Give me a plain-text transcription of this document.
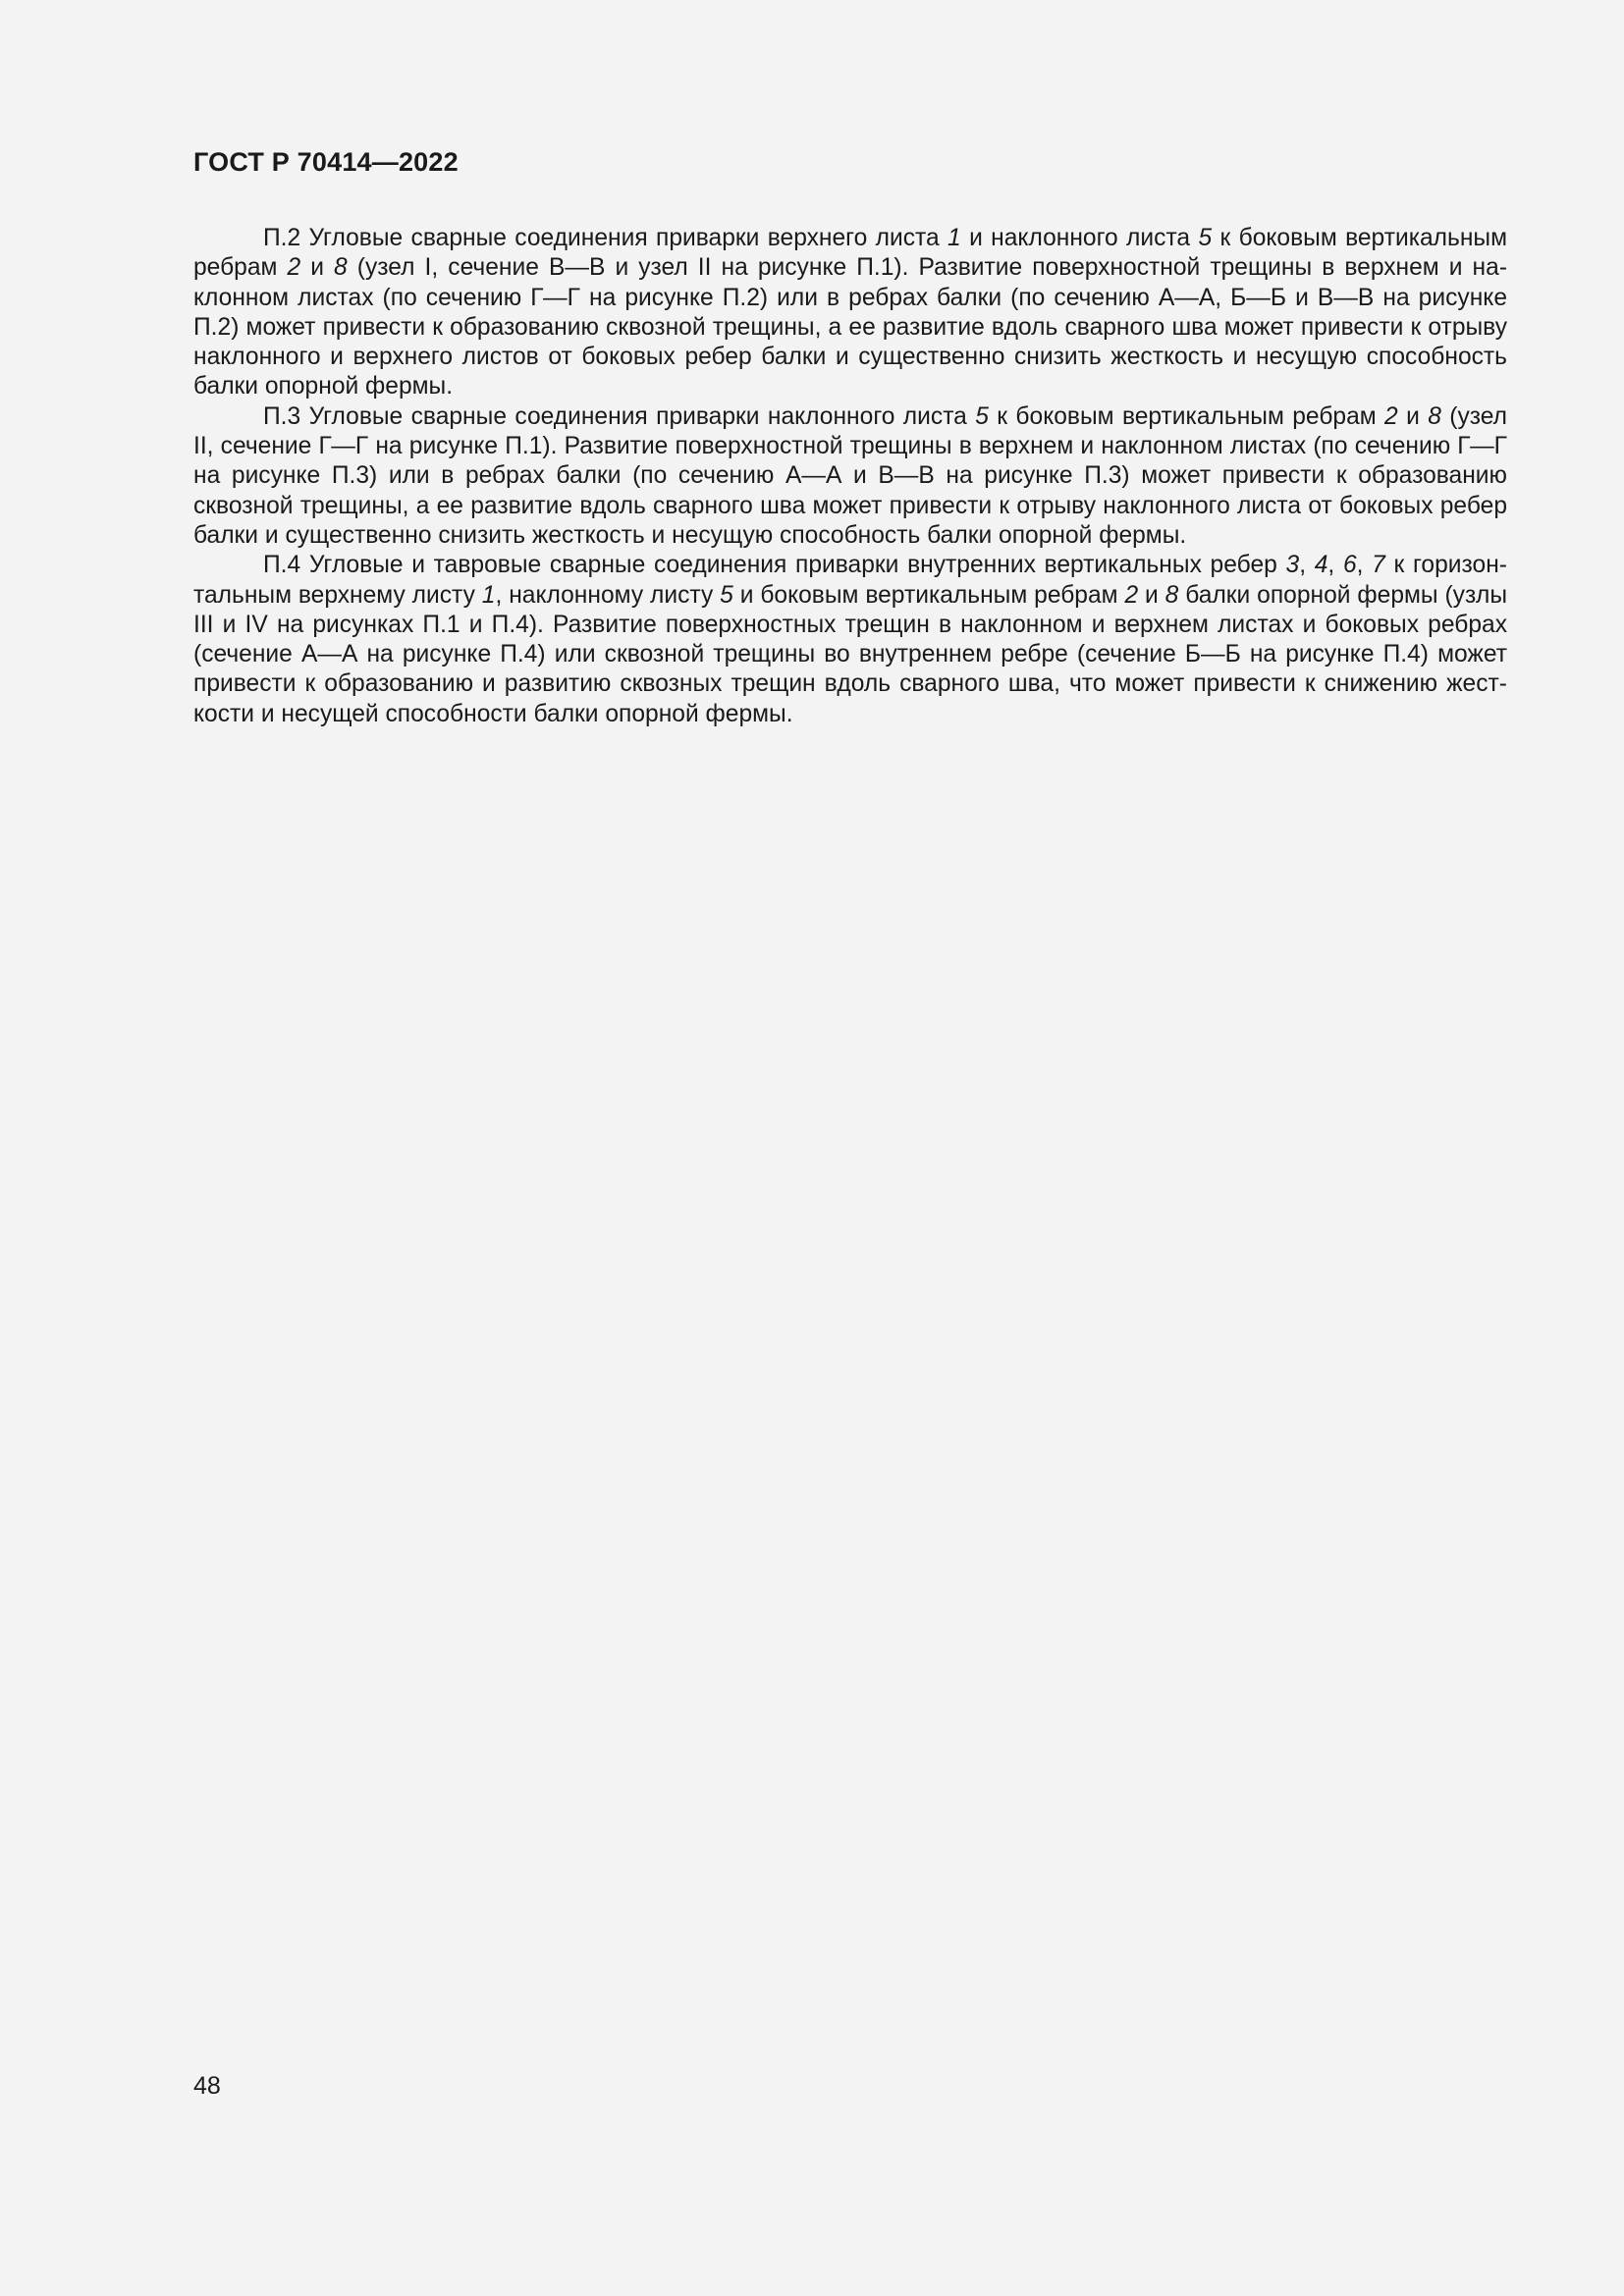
ГОСТ Р 70414—2022

П.2 Угловые сварные соединения приварки верхнего листа 1 и наклонного листа 5 к боковым вертикальным ребрам 2 и 8 (узел I, сечение В—В и узел II на рисунке П.1). Развитие поверхностной трещины в верхнем и наклонном листах (по сечению Г—Г на рисунке П.2) или в ребрах балки (по сечению А—А, Б—Б и В—В на рисунке П.2) может привести к образованию сквозной трещины, а ее развитие вдоль сварного шва может привести к отрыву наклонного и верхнего листов от боковых ребер балки и существенно снизить жесткость и несущую способность балки опорной фермы.

П.3 Угловые сварные соединения приварки наклонного листа 5 к боковым вертикальным ребрам 2 и 8 (узел II, сечение Г—Г на рисунке П.1). Развитие поверхностной трещины в верхнем и наклонном листах (по сечению Г—Г на рисунке П.3) или в ребрах балки (по сечению А—А и В—В на рисунке П.3) может привести к образованию сквозной трещины, а ее развитие вдоль сварного шва может привести к отрыву наклонного листа от боковых ребер балки и существенно снизить жесткость и несущую способность балки опорной фермы.

П.4 Угловые и тавровые сварные соединения приварки внутренних вертикальных ребер 3, 4, 6, 7 к горизонтальным верхнему листу 1, наклонному листу 5 и боковым вертикальным ребрам 2 и 8 балки опорной фермы (узлы III и IV на рисунках П.1 и П.4). Развитие поверхностных трещин в наклонном и верхнем листах и боковых ребрах (сечение А—А на рисунке П.4) или сквозной трещины во внутреннем ребре (сечение Б—Б на рисунке П.4) может привести к образованию и развитию сквозных трещин вдоль сварного шва, что может привести к снижению жесткости и несущей способности балки опорной фермы.

48
